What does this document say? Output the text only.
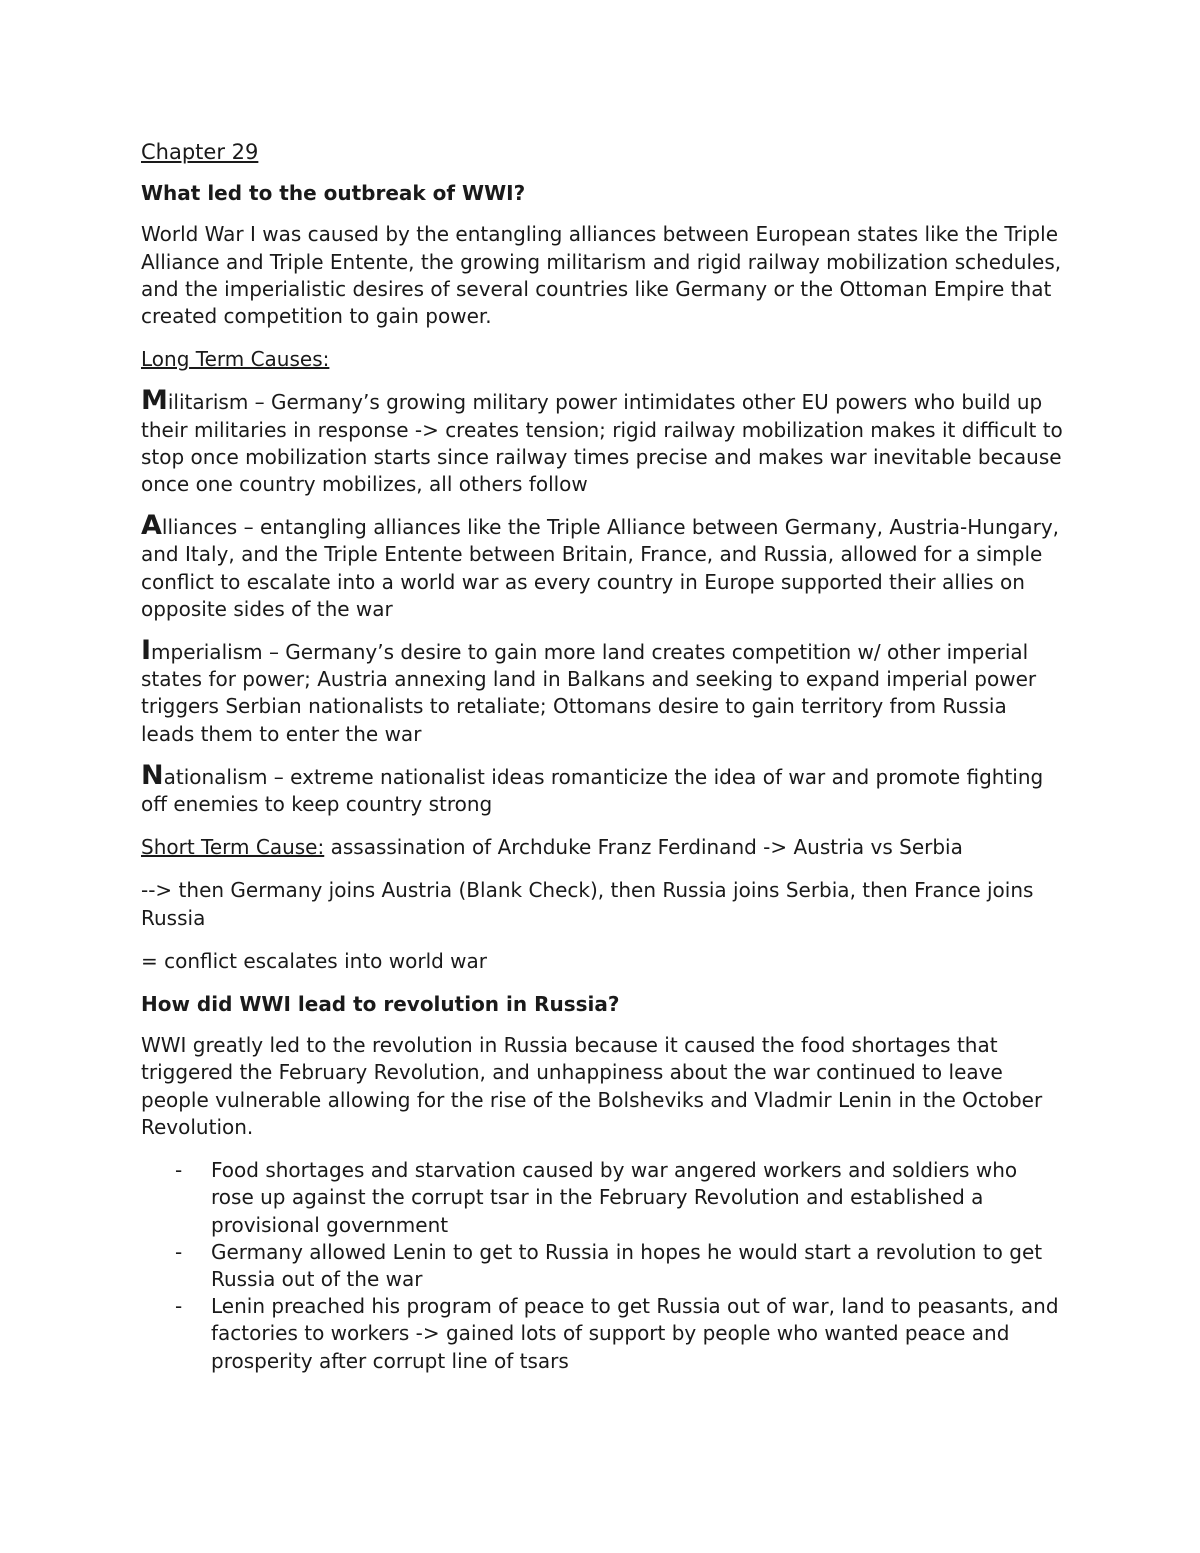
Chapter 29

What led to the outbreak of WWI?

World War I was caused by the entangling alliances between European states like the Triple Alliance and Triple Entente, the growing militarism and rigid railway mobilization schedules, and the imperialistic desires of several countries like Germany or the Ottoman Empire that created competition to gain power.

Long Term Causes:

Militarism – Germany’s growing military power intimidates other EU powers who build up their militaries in response -> creates tension; rigid railway mobilization makes it difficult to stop once mobilization starts since railway times precise and makes war inevitable because once one country mobilizes, all others follow

Alliances – entangling alliances like the Triple Alliance between Germany, Austria-Hungary, and Italy, and the Triple Entente between Britain, France, and Russia, allowed for a simple conflict to escalate into a world war as every country in Europe supported their allies on opposite sides of the war

Imperialism – Germany’s desire to gain more land creates competition w/ other imperial states for power; Austria annexing land in Balkans and seeking to expand imperial power triggers Serbian nationalists to retaliate; Ottomans desire to gain territory from Russia leads them to enter the war

Nationalism – extreme nationalist ideas romanticize the idea of war and promote fighting off enemies to keep country strong

Short Term Cause: assassination of Archduke Franz Ferdinand -> Austria vs Serbia

--> then Germany joins Austria (Blank Check), then Russia joins Serbia, then France joins Russia

= conflict escalates into world war

How did WWI lead to revolution in Russia?

WWI greatly led to the revolution in Russia because it caused the food shortages that triggered the February Revolution, and unhappiness about the war continued to leave people vulnerable allowing for the rise of the Bolsheviks and Vladmir Lenin in the October Revolution.

- Food shortages and starvation caused by war angered workers and soldiers who rose up against the corrupt tsar in the February Revolution and established a provisional government
- Germany allowed Lenin to get to Russia in hopes he would start a revolution to get Russia out of the war
- Lenin preached his program of peace to get Russia out of war, land to peasants, and factories to workers -> gained lots of support by people who wanted peace and prosperity after corrupt line of tsars
